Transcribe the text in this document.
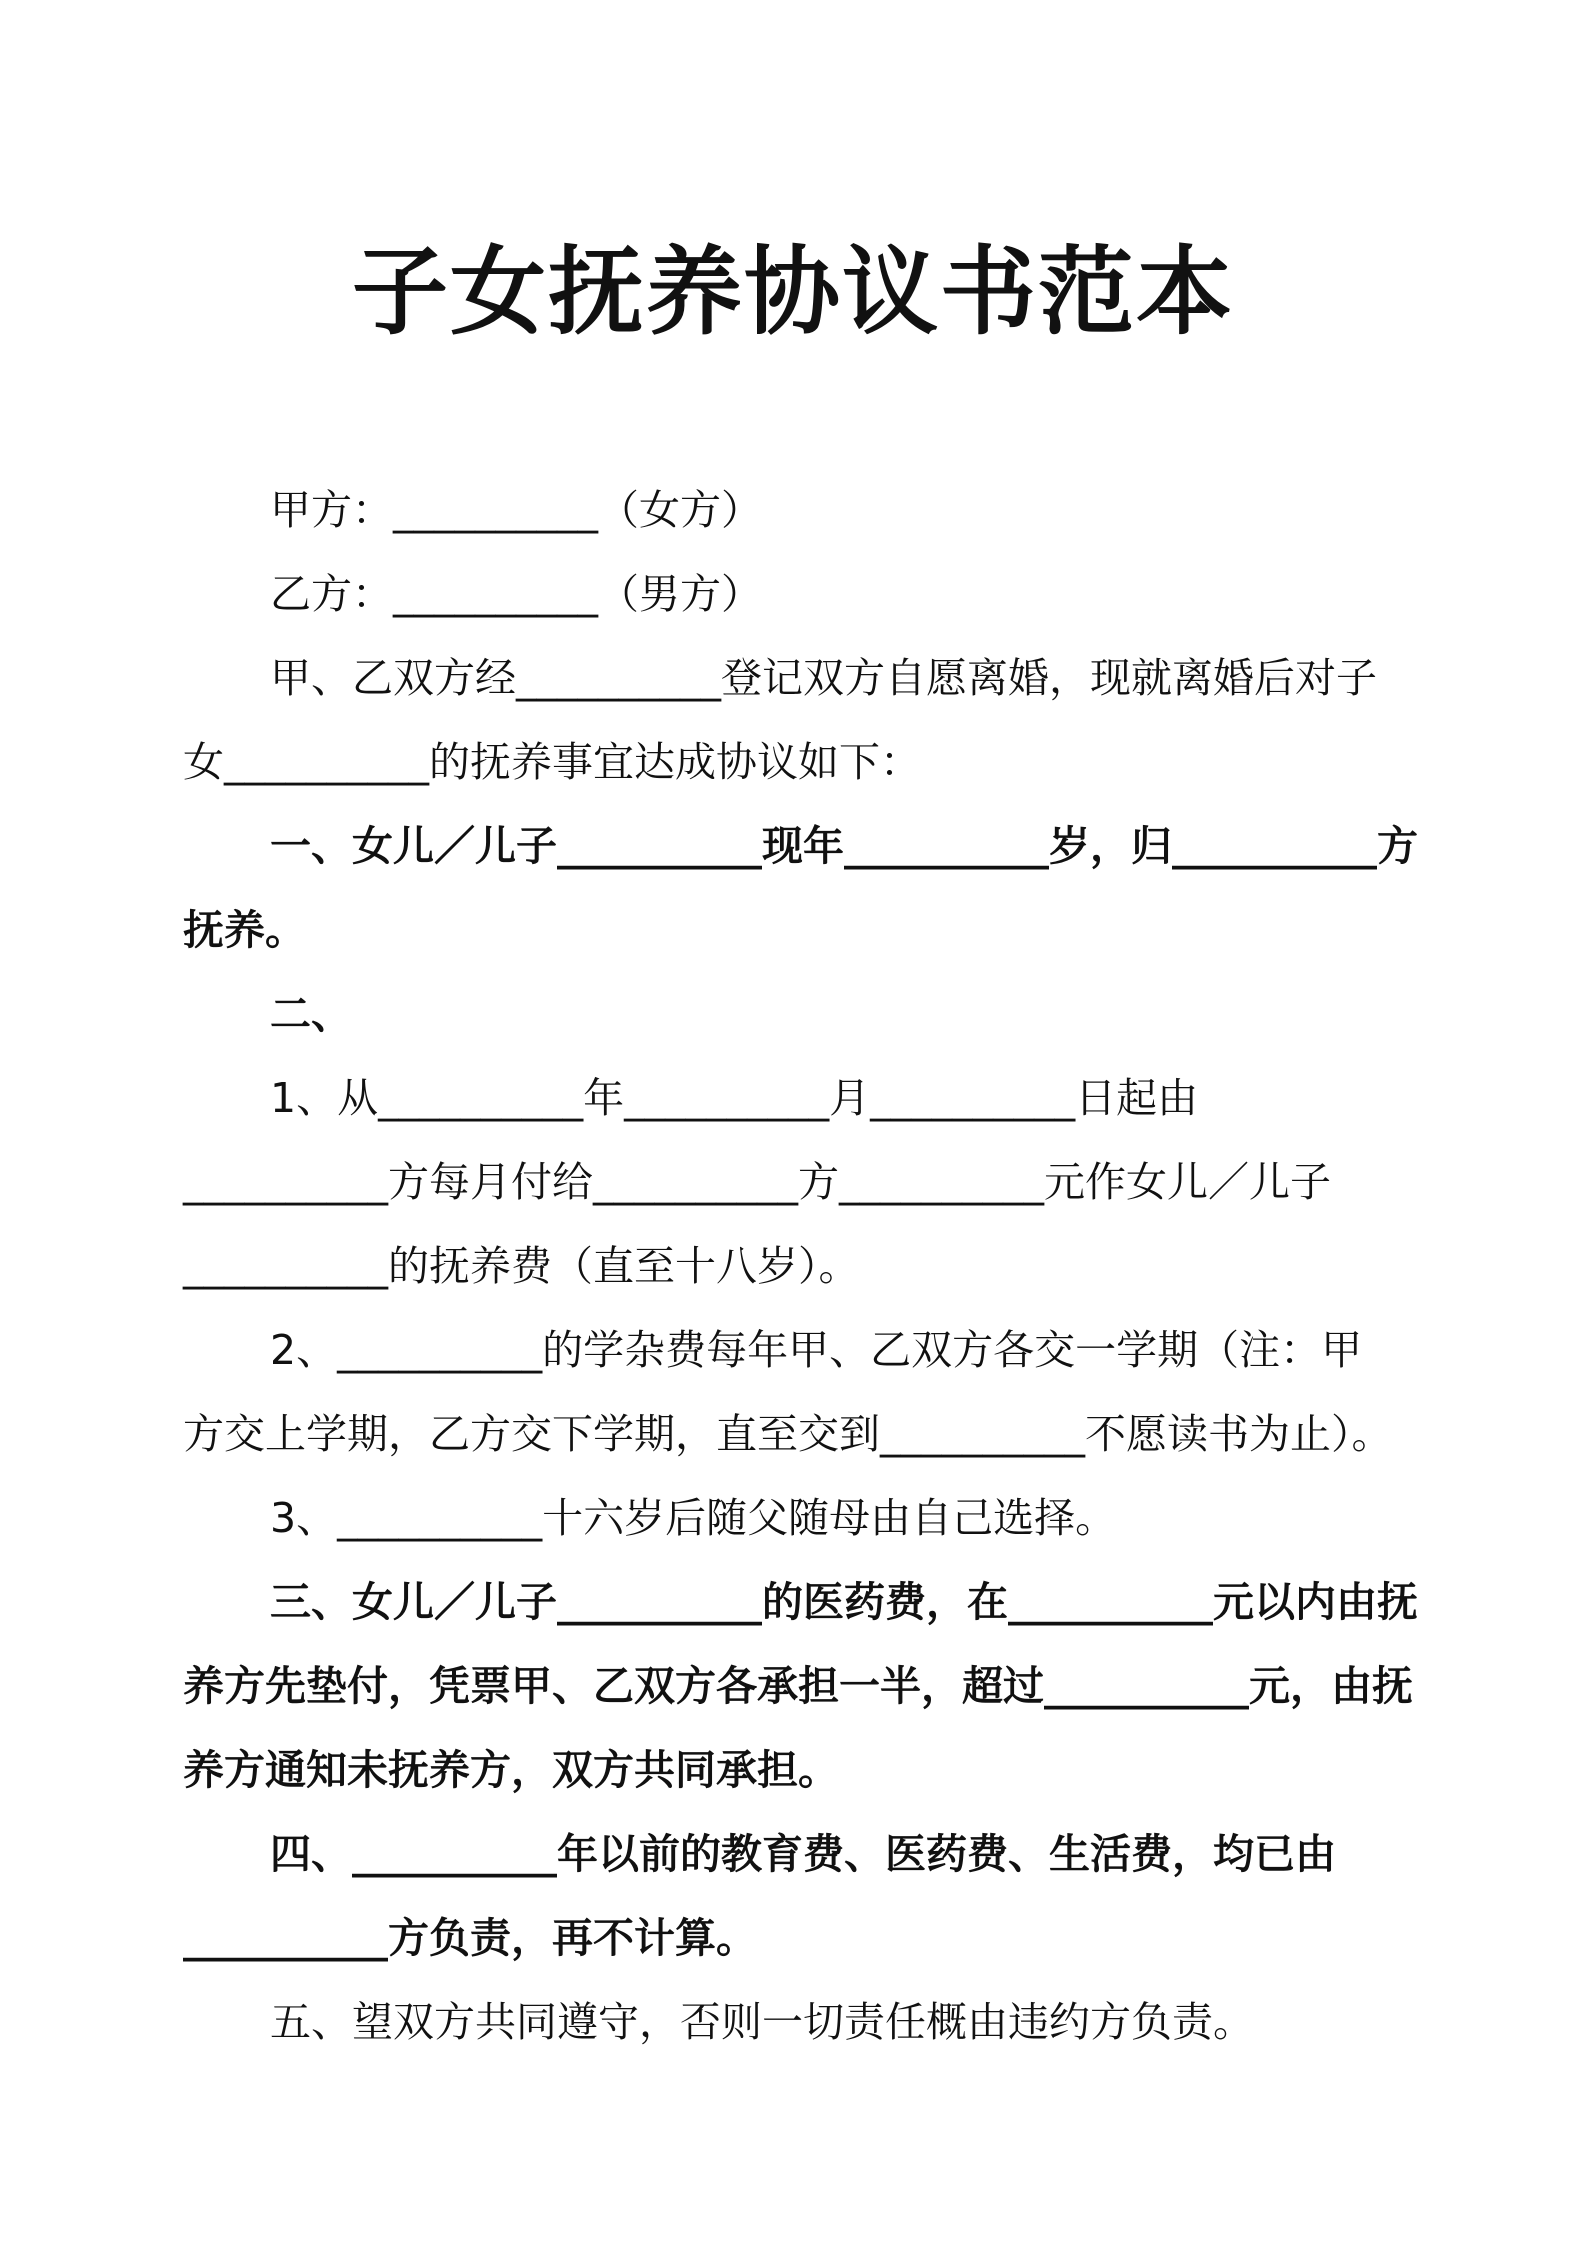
子女抚养协议书范本
甲方：__________（女方）
乙方：__________（男方）
甲、乙双方经__________登记双方自愿离婚，现就离婚后对子
女__________的抚养事宜达成协议如下：
一、女儿／儿子__________现年__________岁，归__________方
抚养。
二、
1、从__________年__________月__________日起由
__________方每月付给__________方__________元作女儿／儿子
__________的抚养费（直至十八岁）。
2、__________的学杂费每年甲、乙双方各交一学期（注：甲
方交上学期，乙方交下学期，直至交到__________不愿读书为止）。
3、__________十六岁后随父随母由自己选择。
三、女儿／儿子__________的医药费，在__________元以内由抚
养方先垫付，凭票甲、乙双方各承担一半，超过__________元，由抚
养方通知未抚养方，双方共同承担。
四、__________年以前的教育费、医药费、生活费，均已由
__________方负责，再不计算。
五、望双方共同遵守，否则一切责任概由违约方负责。
